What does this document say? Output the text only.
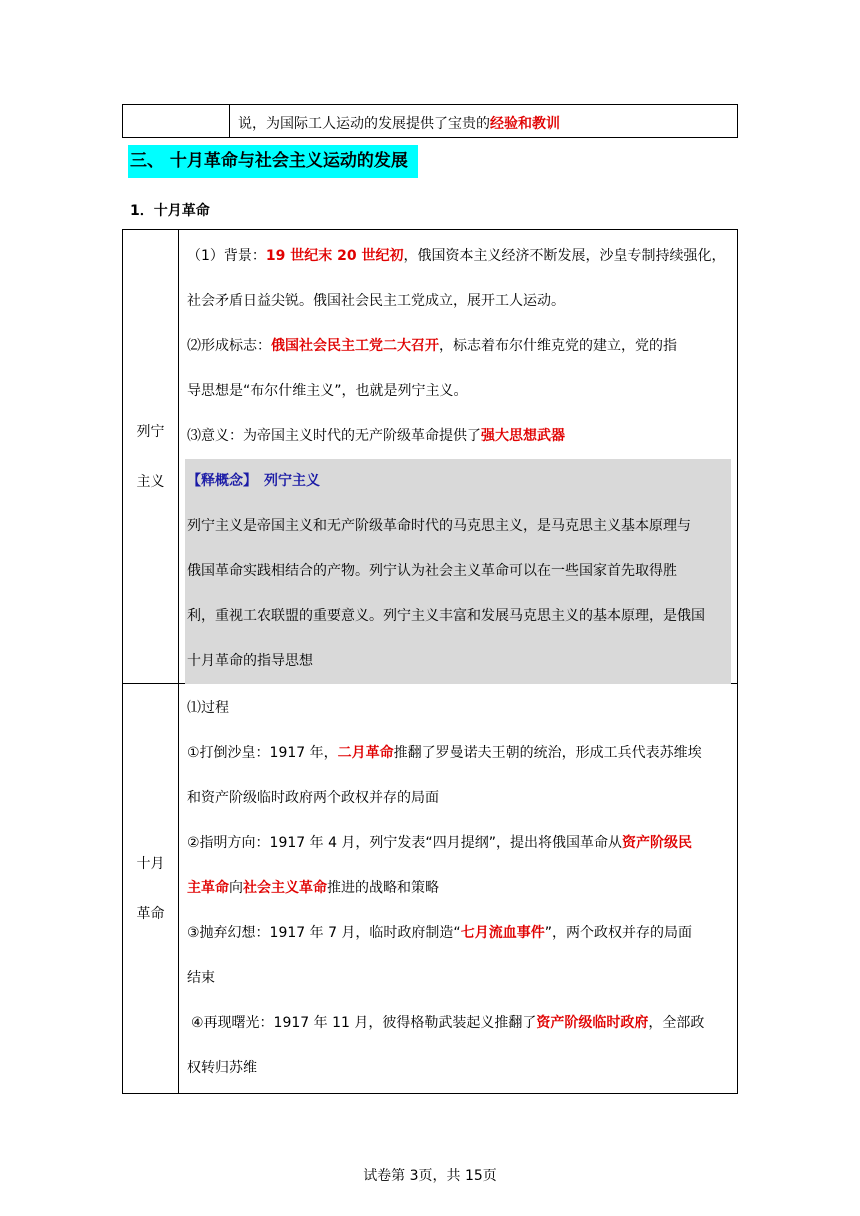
说，为国际工人运动的发展提供了宝贵的经验和教训
三、 十月革命与社会主义运动的发展
1．十月革命
列宁
主义
（1）背景：19 世纪末 20 世纪初，俄国资本主义经济不断发展，沙皇专制持续强化，
社会矛盾日益尖锐。俄国社会民主工党成立，展开工人运动。
⑵形成标志：俄国社会民主工党二大召开，标志着布尔什维克党的建立，党的指
导思想是“布尔什维主义”，也就是列宁主义。
⑶意义：为帝国主义时代的无产阶级革命提供了强大思想武器
【释概念】　列宁主义
列宁主义是帝国主义和无产阶级革命时代的马克思主义，是马克思主义基本原理与
俄国革命实践相结合的产物。列宁认为社会主义革命可以在一些国家首先取得胜
利，重视工农联盟的重要意义。列宁主义丰富和发展马克思主义的基本原理，是俄国
十月革命的指导思想
十月
革命
⑴过程
①打倒沙皇：1917 年，二月革命推翻了罗曼诺夫王朝的统治，形成工兵代表苏维埃
和资产阶级临时政府两个政权并存的局面
②指明方向：1917 年 4 月，列宁发表“四月提纲”，提出将俄国革命从资产阶级民
主革命向社会主义革命推进的战略和策略
③抛弃幻想：1917 年 7 月，临时政府制造“七月流血事件”，两个政权并存的局面
结束
④再现曙光：1917 年 11 月，彼得格勒武装起义推翻了资产阶级临时政府，全部政
权转归苏维
试卷第 3页，共 15页
